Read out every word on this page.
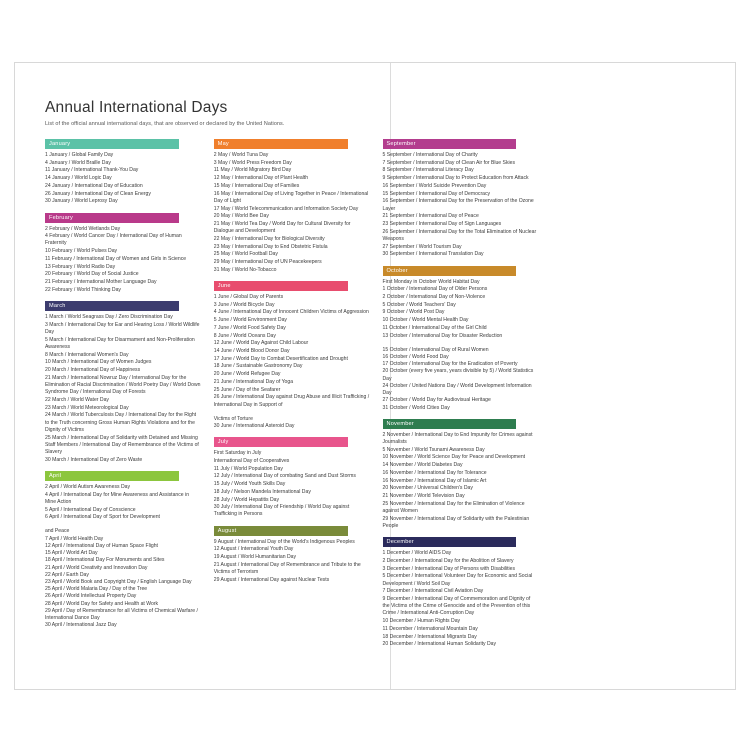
Annual International Days

List of the official annual international days, that are observed or declared by the United Nations.

January
1 January / Global Family Day
4 January / World Braille Day
11 January / International Thank-You Day
14 January / World Logic Day
24 January / International Day of Education
26 January / International Day of Clean Energy
30 January / World Leprosy Day
February
2 February / World Wetlands Day
4 February / World Cancer Day / International Day of Human Fraternity
10 February / World Pulses Day
11 February / International Day of Women and Girls in Science
13 February / World Radio Day
20 February / World Day of Social Justice
21 February / International Mother Language Day
22 February / World Thinking Day
March
1 March / World Seagrass Day / Zero Discrimination Day
3 March / International Day for Ear and Hearing Loss / World Wildlife Day
5 March / International Day for Disarmament and Non-Proliferation Awareness
8 March / International Women's Day
10 March / International Day of Women Judges
20 March / International Day of Happiness
21 March / International Nowruz Day / International Day for the Elimination of Racial Discrimination / World Poetry Day / World Down Syndrome Day / International Day of Forests
22 March / World Water Day
23 March / World Meteorological Day
24 March / World Tuberculosis Day / International Day for the Right to the Truth concerning Gross Human Rights Violations and for the Dignity of Victims
25 March / International Day of Solidarity with Detained and Missing Staff Members / International Day of Remembrance of the Victims of Slavery
30 March / International Day of Zero Waste
April
2 April / World Autism Awareness Day
4 April / International Day for Mine Awareness and Assistance in Mine Action
5 April / International Day of Conscience
6 April / International Day of Sport for Development
and Peace
7 April / World Health Day
12 April / International Day of Human Space Flight
15 April / World Art Day
18 April / International Day For Monuments and Sites
21 April / World Creativity and Innovation Day
22 April / Earth Day
23 April / World Book and Copyright Day / English Language Day
25 April / World Malaria Day / Day of the Tree
26 April / World Intellectual Property Day
28 April / World Day for Safety and Health at Work
29 April / Day of Remembrance for all Victims of Chemical Warfare / International Dance Day
30 April / International Jazz Day
May
2 May / World Tuna Day
3 May / World Press Freedom Day
11 May / World Migratory Bird Day
12 May / International Day of Plant Health
15 May / International Day of Families
16 May / International Day of Living Together in Peace / International Day of Light
17 May / World Telecommunication and Information Society Day
20 May / World Bee Day
21 May / World Tea Day / World Day for Cultural Diversity for Dialogue and Development
22 May / International Day for Biological Diversity
23 May / International Day to End Obstetric Fistula
25 May / World Football Day
29 May / International Day of UN Peacekeepers
31 May / World No-Tobacco
June
1 June / Global Day of Parents
3 June / World Bicycle Day
4 June / International Day of Innocent Children Victims of Aggression
5 June / World Environment Day
7 June / World Food Safety Day
8 June / World Oceans Day
12 June / World Day Against Child Labour
14 June / World Blood Donor Day
17 June / World Day to Combat Desertification and Drought
18 June / Sustainable Gastronomy Day
20 June / World Refugee Day
21 June / International Day of Yoga
25 June / Day of the Seafarer
26 June / International Day against Drug Abuse and Illicit Trafficking / International Day in Support of
Victims of Torture
30 June / International Asteroid Day
July
First Saturday in July
International Day of Cooperatives
11 July / World Population Day
12 July / International Day of combating Sand and Dust Storms
15 July / World Youth Skills Day
18 July / Nelson Mandela International Day
28 July / World Hepatitis Day
30 July / International Day of Friendship / World Day against Trafficking in Persons
August
9 August / International Day of the World's Indigenous Peoples
12 August / International Youth Day
19 August / World Humanitarian Day
21 August / International Day of Remembrance and Tribute to the Victims of Terrorism
29 August / International Day against Nuclear Tests
September
5 September / International Day of Charity
7 September / International Day of Clean Air for Blue Skies
8 September / International Literacy Day
9 September / International Day to Protect Education from Attack
16 September / World Suicide Prevention Day
15 September / International Day of Democracy
16 September / International Day for the Preservation of the Ozone Layer
21 September / International Day of Peace
23 September / International Day of Sign Languages
26 September / International Day for the Total Elimination of Nuclear Weapons
27 September / World Tourism Day
30 September / International Translation Day
October
First Monday in October World Habitat Day
1 October / International Day of Older Persons
2 October / International Day of Non-Violence
5 October / World Teachers' Day
9 October / World Post Day
10 October / World Mental Health Day
11 October / International Day of the Girl Child
13 October / International Day for Disaster Reduction
15 October / International Day of Rural Women
16 October / World Food Day
17 October / International Day for the Eradication of Poverty
20 October (every five years, years divisible by 5) / World Statistics Day
24 October / United Nations Day / World Development Information Day
27 October / World Day for Audiovisual Heritage
31 October / World Cities Day
November
2 November / International Day to End Impunity for Crimes against Journalists
5 November / World Tsunami Awareness Day
10 November / World Science Day for Peace and Development
14 November / World Diabetes Day
16 November / International Day for Tolerance
16 November / International Day of Islamic Art
20 November / Universal Children's Day
21 November / World Television Day
25 November / International Day for the Elimination of Violence against Women
29 November / International Day of Solidarity with the Palestinian People
December
1 December / World AIDS Day
2 December / International Day for the Abolition of Slavery
3 December / International Day of Persons with Disabilities
5 December / International Volunteer Day for Economic and Social Development / World Soil Day
7 December / International Civil Aviation Day
9 December / International Day of Commemoration and Dignity of the Victims of the Crime of Genocide and of the Prevention of this Crime / International Anti-Corruption Day
10 December / Human Rights Day
11 December / International Mountain Day
18 December / International Migrants Day
20 December / International Human Solidarity Day
